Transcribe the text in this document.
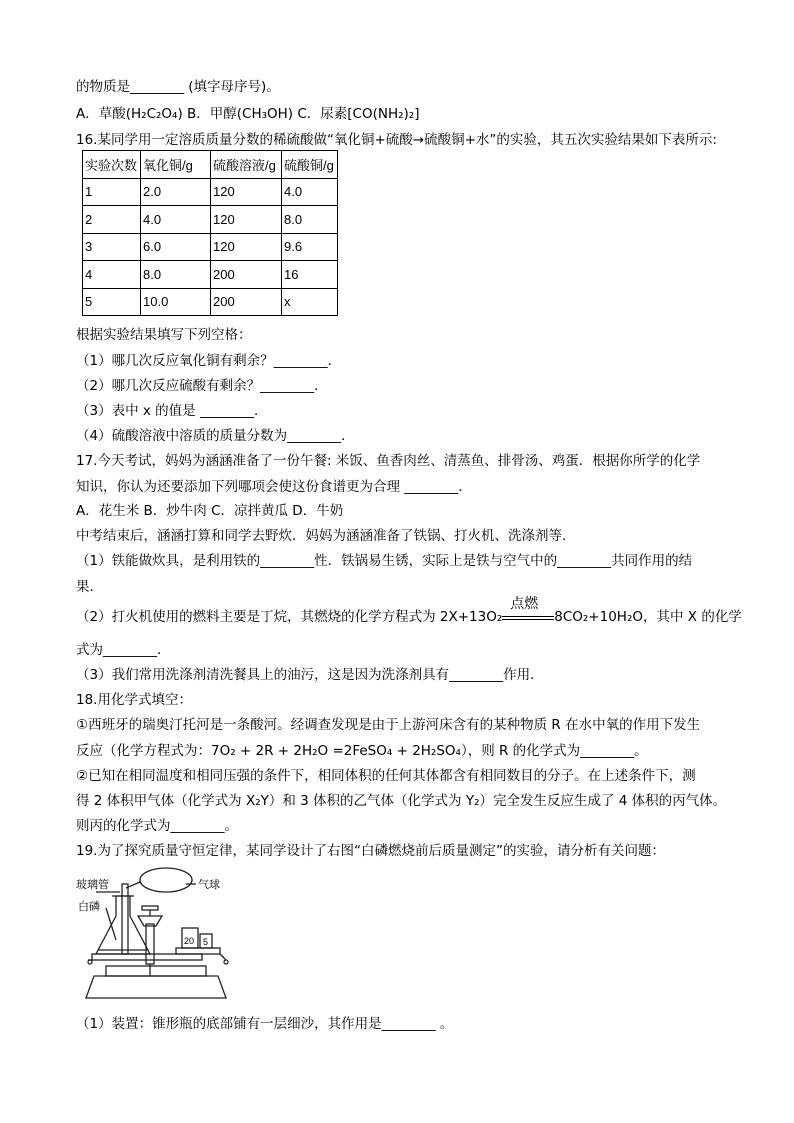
的物质是________ (填字母序号)。
A．草酸(H₂C₂O₄) B．甲醇(CH₃OH) C．尿素[CO(NH₂)₂]
16.某同学用一定溶质质量分数的稀硫酸做“氧化铜+硫酸→硫酸铜+水”的实验，其五次实验结果如下表所示:
实验次数	氧化铜/g	硫酸溶液/g	硫酸铜/g
1	2.0	120	4.0
2	4.0	120	8.0
3	6.0	120	9.6
4	8.0	200	16
5	10.0	200	x
根据实验结果填写下列空格：
（1）哪几次反应氧化铜有剩余？________．
（2）哪几次反应硫酸有剩余？________．
（3）表中 x 的值是 ________．
（4）硫酸溶液中溶质的质量分数为________．
17.今天考试，妈妈为涵涵准备了一份午餐: 米饭、鱼香肉丝、清蒸鱼、排骨汤、鸡蛋．根据你所学的化学
知识，你认为还要添加下列哪项会使这份食谱更为合理 ________．
A．花生米 B．炒牛肉 C．凉拌黄瓜 D．牛奶
中考结束后，涵涵打算和同学去野炊．妈妈为涵涵准备了铁锅、打火机、洗涤剂等．
（1）铁能做炊具，是利用铁的________性．铁锅易生锈，实际上是铁与空气中的________共同作用的结
果．
（2）打火机使用的燃料主要是丁烷，其燃烧的化学方程式为 2X+13O₂
点燃
8CO₂+10H₂O，其中 X 的化学
式为________．
（3）我们常用洗涤剂清洗餐具上的油污，这是因为洗涤剂具有________作用．
18.用化学式填空：
①西班牙的瑞奥汀托河是一条酸河。经调查发现是由于上游河床含有的某种物质 R 在水中氧的作用下发生
反应（化学方程式为：7O₂ + 2R + 2H₂O =2FeSO₄ + 2H₂SO₄），则 R 的化学式为________。
②已知在相同温度和相同压强的条件下，相同体积的任何其体都含有相同数目的分子。在上述条件下，测
得 2 体积甲气体（化学式为 X₂Y）和 3 体积的乙气体（化学式为 Y₂）完全发生反应生成了 4 体积的丙气体。
则丙的化学式为________。
19.为了探究质量守恒定律，某同学设计了右图“白磷燃烧前后质量测定”的实验，请分析有关问题：
玻璃管	气球
白磷
20 5
（1）装置：锥形瓶的底部铺有一层细沙，其作用是________ 。
